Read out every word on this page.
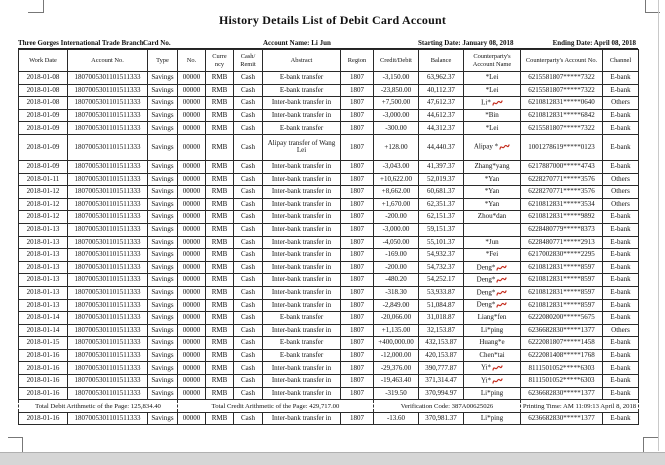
History Details List of Debit Card Account
Three Gorges International Trade Branch Card No.	Account Name: Li Jun	Starting Date: January 08, 2018	Ending Date: April 08, 2018
Work Date	Account No.	Type	No.	Curre ncy	Cash/ Remit	Abstract	Region	Credit/Debit	Balance	Counterparty's Account Name	Counterparty's Account No.	Channel
2018-01-08	1807005301101511333	Savings	00000	RMB	Cash	E-bank transfer	1807	-3,150.00	63,962.37	*Lei	6215581807*****7322	E-bank
2018-01-08	1807005301101511333	Savings	00000	RMB	Cash	E-bank transfer	1807	-23,850.00	40,112.37	*Lei	6215581807*****7322	E-bank
2018-01-08	1807005301101511333	Savings	00000	RMB	Cash	Inter-bank transfer in	1807	+7,500.00	47,612.37	Li*	6210812831*****0640	Others
2018-01-09	1807005301101511333	Savings	00000	RMB	Cash	Inter-bank transfer in	1807	-3,000.00	44,612.37	*Bin	6210812831*****6842	E-bank
2018-01-09	1807005301101511333	Savings	00000	RMB	Cash	E-bank transfer	1807	-300.00	44,312.37	*Lei	6215581807*****7322	E-bank
2018-01-09	1807005301101511333	Savings	00000	RMB	Cash	Alipay transfer of Wang Lei	1807	+128.00	44,440.37	Alipay *	1001278619*****0123	E-bank
2018-01-09	1807005301101511333	Savings	00000	RMB	Cash	Inter-bank transfer in	1807	-3,043.00	41,397.37	Zhang*yang	6217887000*****4743	E-bank
2018-01-11	1807005301101511333	Savings	00000	RMB	Cash	Inter-bank transfer in	1807	+10,622.00	52,019.37	*Yan	6228270771*****3576	Others
2018-01-12	1807005301101511333	Savings	00000	RMB	Cash	Inter-bank transfer in	1807	+8,662.00	60,681.37	*Yan	6228270771*****3576	Others
2018-01-12	1807005301101511333	Savings	00000	RMB	Cash	Inter-bank transfer in	1807	+1,670.00	62,351.37	*Yan	6210812831*****3534	Others
2018-01-12	1807005301101511333	Savings	00000	RMB	Cash	Inter-bank transfer in	1807	-200.00	62,151.37	Zhou*dan	6210812831*****9892	E-bank
2018-01-13	1807005301101511333	Savings	00000	RMB	Cash	Inter-bank transfer in	1807	-3,000.00	59,151.37		6228480779*****8373	E-bank
2018-01-13	1807005301101511333	Savings	00000	RMB	Cash	Inter-bank transfer in	1807	-4,050.00	55,101.37	*Jun	6228480771*****2913	E-bank
2018-01-13	1807005301101511333	Savings	00000	RMB	Cash	Inter-bank transfer in	1807	-169.00	54,932.37	*Fei	6217002830*****2295	E-bank
2018-01-13	1807005301101511333	Savings	00000	RMB	Cash	Inter-bank transfer in	1807	-200.00	54,732.37	Deng*	6210812831*****8597	E-bank
2018-01-13	1807005301101511333	Savings	00000	RMB	Cash	Inter-bank transfer in	1807	-480.20	54,252.17	Deng*	6210812831*****8597	E-bank
2018-01-13	1807005301101511333	Savings	00000	RMB	Cash	Inter-bank transfer in	1807	-318.30	53,933.87	Deng*	6210812831*****8597	E-bank
2018-01-13	1807005301101511333	Savings	00000	RMB	Cash	Inter-bank transfer in	1807	-2,849.00	51,084.87	Deng*	6210812831*****8597	E-bank
2018-01-14	1807005301101511333	Savings	00000	RMB	Cash	E-bank transfer	1807	-20,066.00	31,018.87	Liang*fen	6222080200*****5675	E-bank
2018-01-14	1807005301101511333	Savings	00000	RMB	Cash	Inter-bank transfer in	1807	+1,135.00	32,153.87	Li*ping	6236682830*****1377	Others
2018-01-15	1807005301101511333	Savings	00000	RMB	Cash	E-bank transfer	1807	+400,000.00	432,153.87	Huang*e	6222081807*****1458	E-bank
2018-01-16	1807005301101511333	Savings	00000	RMB	Cash	E-bank transfer	1807	-12,000.00	420,153.87	Chen*tai	6222081408*****1768	E-bank
2018-01-16	1807005301101511333	Savings	00000	RMB	Cash	Inter-bank transfer in	1807	-29,376.00	390,777.87	Yi*	8111501052*****6303	E-bank
2018-01-16	1807005301101511333	Savings	00000	RMB	Cash	Inter-bank transfer in	1807	-19,463.40	371,314.47	Yi*	8111501052*****6303	E-bank
2018-01-16	1807005301101511333	Savings	00000	RMB	Cash	Inter-bank transfer in	1807	-319.50	370,994.97	Li*ping	6236682830*****1377	E-bank
Total Debit Arithmetic of the Page: 125,834.40			Total Credit Arithmetic of the Page: 429,717.00					Verification Code: 387A00625026			Printing Time: AM 11:09:13 April 8, 2018	
2018-01-16	1807005301101511333	Savings	00000	RMB	Cash	Inter-bank transfer in	1807	-13.60	370,981.37	Li*ping	6236682830*****1377	E-bank
